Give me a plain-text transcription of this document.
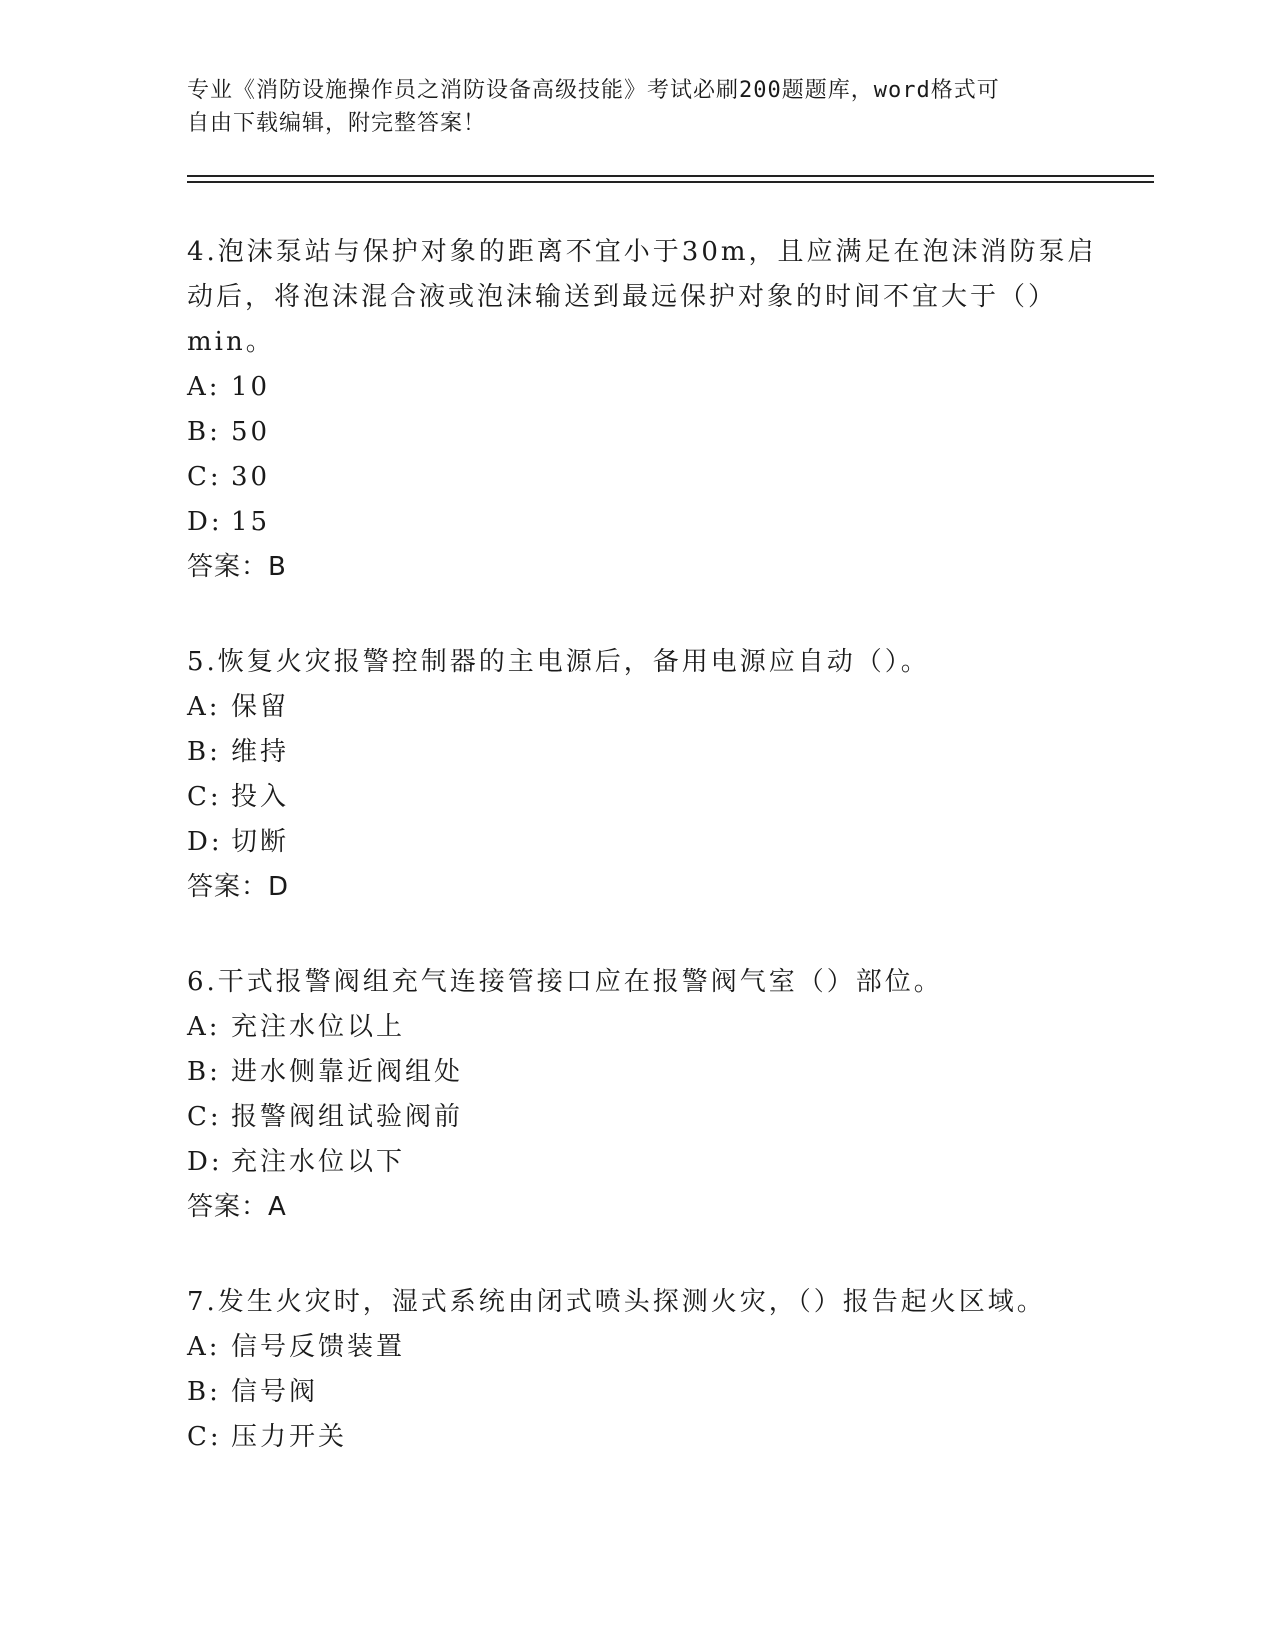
专业《消防设施操作员之消防设备高级技能》考试必刷200题题库，word格式可
自由下载编辑，附完整答案！
4.泡沫泵站与保护对象的距离不宜小于30m，且应满足在泡沫消防泵启
动后，将泡沫混合液或泡沫输送到最远保护对象的时间不宜大于（）
min。
A: 10
B: 50
C: 30
D: 15
答案：B
5.恢复火灾报警控制器的主电源后，备用电源应自动（）。
A: 保留
B: 维持
C: 投入
D: 切断
答案：D
6.干式报警阀组充气连接管接口应在报警阀气室（）部位。
A: 充注水位以上
B: 进水侧靠近阀组处
C: 报警阀组试验阀前
D: 充注水位以下
答案：A
7.发生火灾时，湿式系统由闭式喷头探测火灾，（）报告起火区域。
A: 信号反馈装置
B: 信号阀
C: 压力开关
